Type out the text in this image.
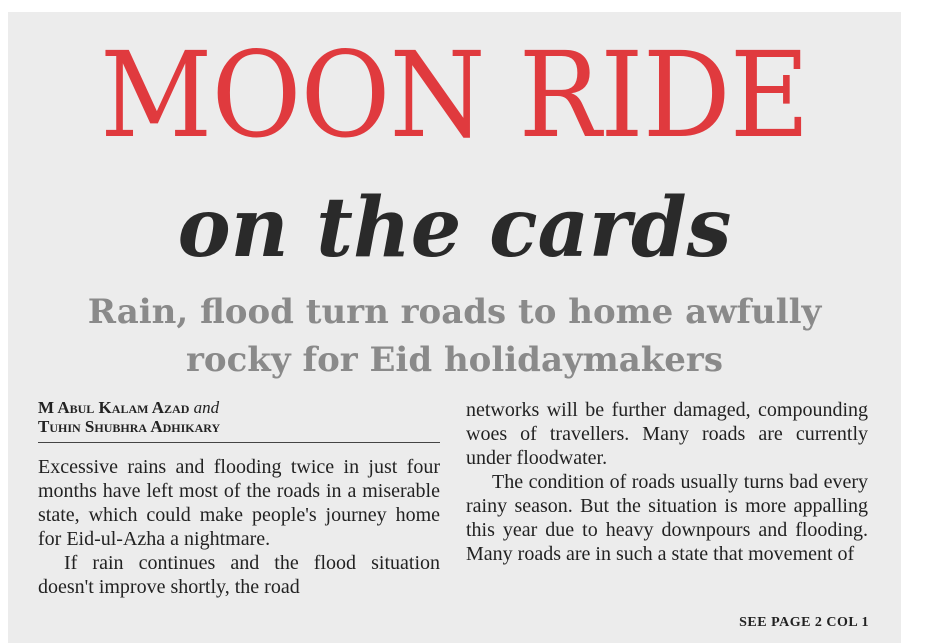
MOON RIDE
on the cards
Rain, flood turn roads to home awfully
rocky for Eid holidaymakers
M Abul Kalam Azad and
Tuhin Shubhra Adhikary

Excessive rains and flooding twice in just four months have left most of the roads in a miserable state, which could make people's journey home for Eid-ul-Azha a nightmare.

If rain continues and the flood situation doesn't improve shortly, the road

networks will be further damaged, compounding woes of travellers. Many roads are currently under floodwater.

The condition of roads usually turns bad every rainy season. But the situation is more appalling this year due to heavy downpours and flooding. Many roads are in such a state that movement of

SEE PAGE 2 COL 1
